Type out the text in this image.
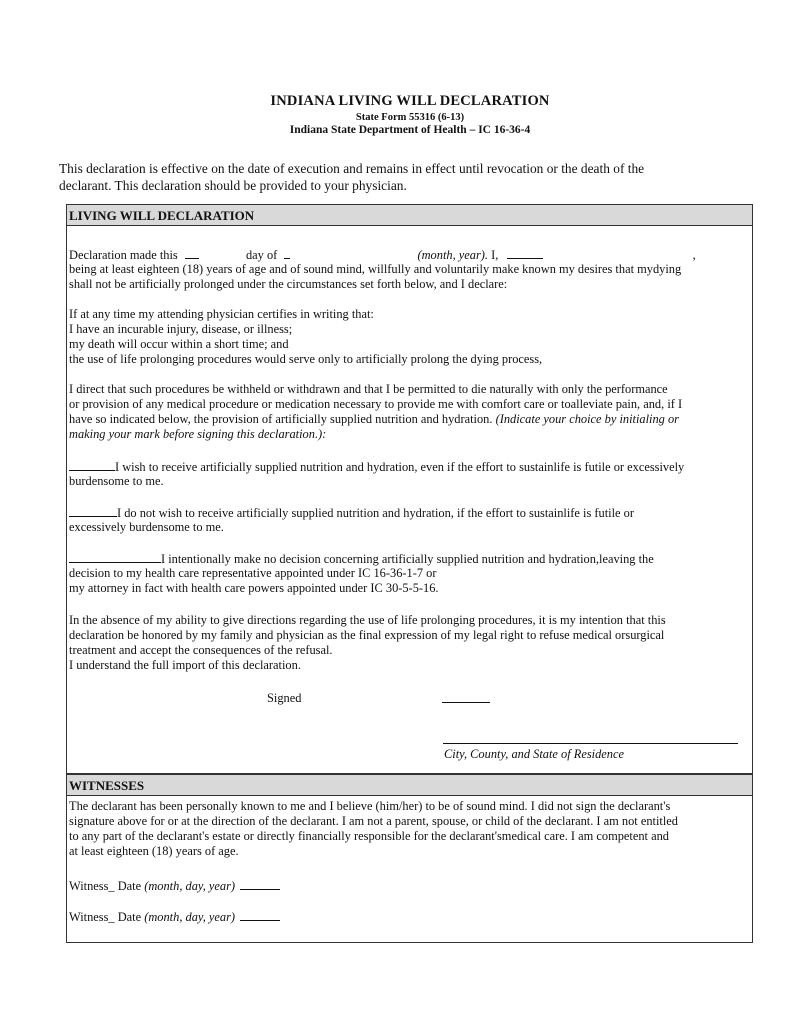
INDIANA LIVING WILL DECLARATION
State Form 55316 (6-13)
Indiana State Department of Health – IC 16-36-4
This declaration is effective on the date of execution and remains in effect until revocation or the death of the
declarant. This declaration should be provided to your physician.
LIVING WILL DECLARATION
Declaration made this	day of	(month, year). I,	,
being at least eighteen (18) years of age and of sound mind, willfully and voluntarily make known my desires that mydying
shall not be artificially prolonged under the circumstances set forth below, and I declare:
If at any time my attending physician certifies in writing that:
I have an incurable injury, disease, or illness;
my death will occur within a short time; and
the use of life prolonging procedures would serve only to artificially prolong the dying process,
I direct that such procedures be withheld or withdrawn and that I be permitted to die naturally with only the performance
or provision of any medical procedure or medication necessary to provide me with comfort care or toalleviate pain, and, if I
have so indicated below, the provision of artificially supplied nutrition and hydration. (Indicate your choice by initialing or
making your mark before signing this declaration.):
I wish to receive artificially supplied nutrition and hydration, even if the effort to sustainlife is futile or excessively
burdensome to me.
I do not wish to receive artificially supplied nutrition and hydration, if the effort to sustainlife is futile or
excessively burdensome to me.
I intentionally make no decision concerning artificially supplied nutrition and hydration,leaving the
decision to my health care representative appointed under IC 16-36-1-7 or
my attorney in fact with health care powers appointed under IC 30-5-5-16.
In the absence of my ability to give directions regarding the use of life prolonging procedures, it is my intention that this
declaration be honored by my family and physician as the final expression of my legal right to refuse medical orsurgical
treatment and accept the consequences of the refusal.
I understand the full import of this declaration.
Signed
City, County, and State of Residence
WITNESSES
The declarant has been personally known to me and I believe (him/her) to be of sound mind. I did not sign the declarant's
signature above for or at the direction of the declarant. I am not a parent, spouse, or child of the declarant. I am not entitled
to any part of the declarant's estate or directly financially responsible for the declarant'smedical care. I am competent and
at least eighteen (18) years of age.
Witness_ Date (month, day, year)
Witness_ Date (month, day, year)
